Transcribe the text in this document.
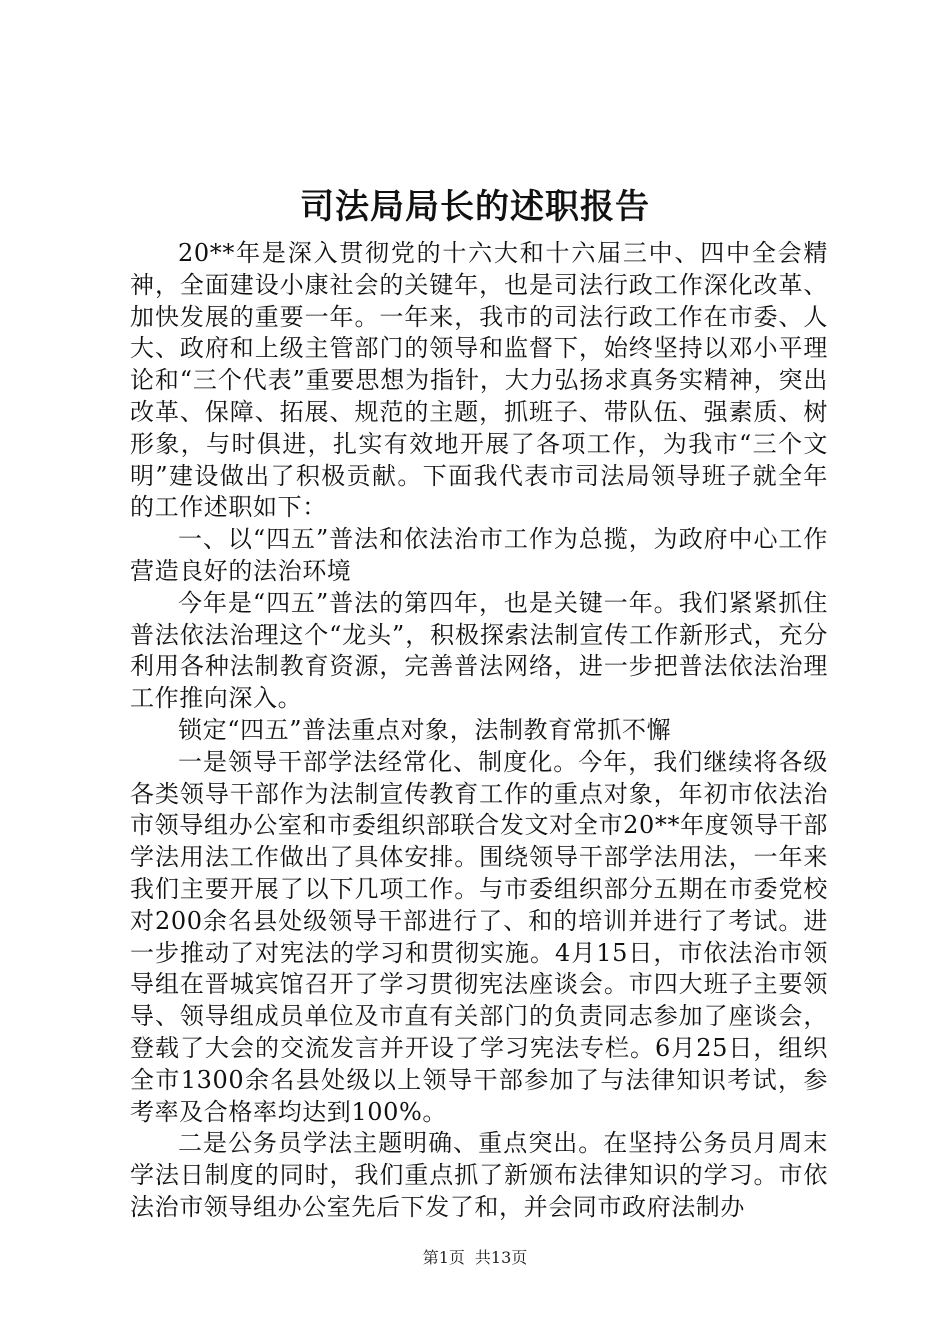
司法局局长的述职报告

20**年是深入贯彻党的十六大和十六届三中、四中全会精神，全面建设小康社会的关键年，也是司法行政工作深化改革、加快发展的重要一年。一年来，我市的司法行政工作在市委、人大、政府和上级主管部门的领导和监督下，始终坚持以邓小平理论和“三个代表”重要思想为指针，大力弘扬求真务实精神，突出改革、保障、拓展、规范的主题，抓班子、带队伍、强素质、树形象，与时俱进，扎实有效地开展了各项工作，为我市“三个文明”建设做出了积极贡献。下面我代表市司法局领导班子就全年的工作述职如下：

一、以“四五”普法和依法治市工作为总揽，为政府中心工作营造良好的法治环境

今年是“四五”普法的第四年，也是关键一年。我们紧紧抓住普法依法治理这个“龙头”，积极探索法制宣传工作新形式，充分利用各种法制教育资源，完善普法网络，进一步把普法依法治理工作推向深入。

锁定“四五”普法重点对象，法制教育常抓不懈

一是领导干部学法经常化、制度化。今年，我们继续将各级各类领导干部作为法制宣传教育工作的重点对象，年初市依法治市领导组办公室和市委组织部联合发文对全市20**年度领导干部学法用法工作做出了具体安排。围绕领导干部学法用法，一年来我们主要开展了以下几项工作。与市委组织部分五期在市委党校对200余名县处级领导干部进行了、和的培训并进行了考试。进一步推动了对宪法的学习和贯彻实施。4月15日，市依法治市领导组在晋城宾馆召开了学习贯彻宪法座谈会。市四大班子主要领导、领导组成员单位及市直有关部门的负责同志参加了座谈会，登载了大会的交流发言并开设了学习宪法专栏。6月25日，组织全市1300余名县处级以上领导干部参加了与法律知识考试，参考率及合格率均达到100%。

二是公务员学法主题明确、重点突出。在坚持公务员月周末学法日制度的同时，我们重点抓了新颁布法律知识的学习。市依法治市领导组办公室先后下发了和，并会同市政府法制办

第1页 共13页
